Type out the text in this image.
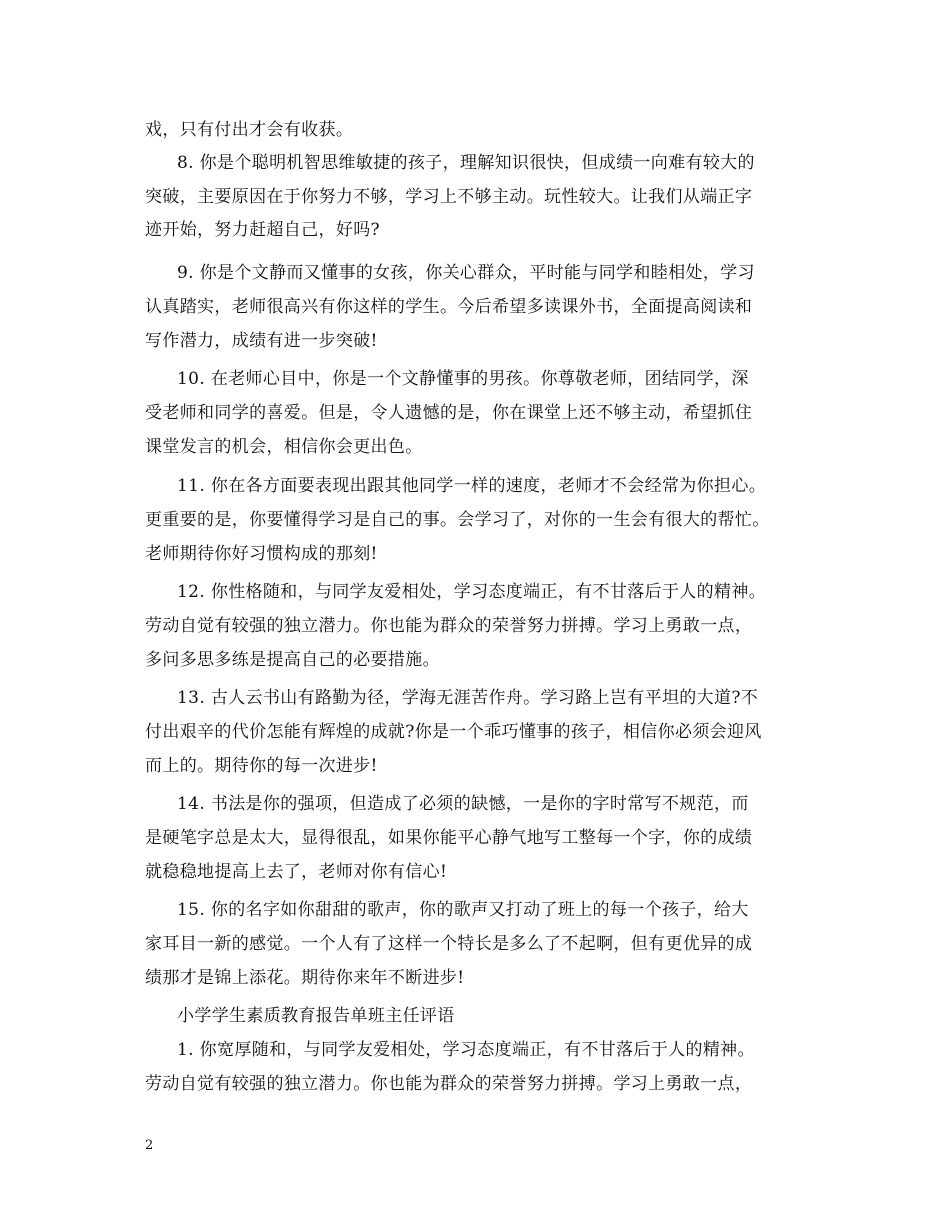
戏，只有付出才会有收获。
8. 你是个聪明机智思维敏捷的孩子，理解知识很快，但成绩一向难有较大的
突破，主要原因在于你努力不够，学习上不够主动。玩性较大。让我们从端正字
迹开始，努力赶超自己，好吗?
9. 你是个文静而又懂事的女孩，你关心群众，平时能与同学和睦相处，学习
认真踏实，老师很高兴有你这样的学生。今后希望多读课外书，全面提高阅读和
写作潜力，成绩有进一步突破!
10. 在老师心目中，你是一个文静懂事的男孩。你尊敬老师，团结同学，深
受老师和同学的喜爱。但是，令人遗憾的是，你在课堂上还不够主动，希望抓住
课堂发言的机会，相信你会更出色。
11. 你在各方面要表现出跟其他同学一样的速度，老师才不会经常为你担心。
更重要的是，你要懂得学习是自己的事。会学习了，对你的一生会有很大的帮忙。
老师期待你好习惯构成的那刻!
12. 你性格随和，与同学友爱相处，学习态度端正，有不甘落后于人的精神。
劳动自觉有较强的独立潜力。你也能为群众的荣誉努力拼搏。学习上勇敢一点，
多问多思多练是提高自己的必要措施。
13. 古人云书山有路勤为径，学海无涯苦作舟。学习路上岂有平坦的大道?不
付出艰辛的代价怎能有辉煌的成就?你是一个乖巧懂事的孩子，相信你必须会迎风
而上的。期待你的每一次进步!
14. 书法是你的强项，但造成了必须的缺憾，一是你的字时常写不规范，而
是硬笔字总是太大，显得很乱，如果你能平心静气地写工整每一个字，你的成绩
就稳稳地提高上去了，老师对你有信心!
15. 你的名字如你甜甜的歌声，你的歌声又打动了班上的每一个孩子，给大
家耳目一新的感觉。一个人有了这样一个特长是多么了不起啊，但有更优异的成
绩那才是锦上添花。期待你来年不断进步!
小学学生素质教育报告单班主任评语
1. 你宽厚随和，与同学友爱相处，学习态度端正，有不甘落后于人的精神。
劳动自觉有较强的独立潜力。你也能为群众的荣誉努力拼搏。学习上勇敢一点，
2
